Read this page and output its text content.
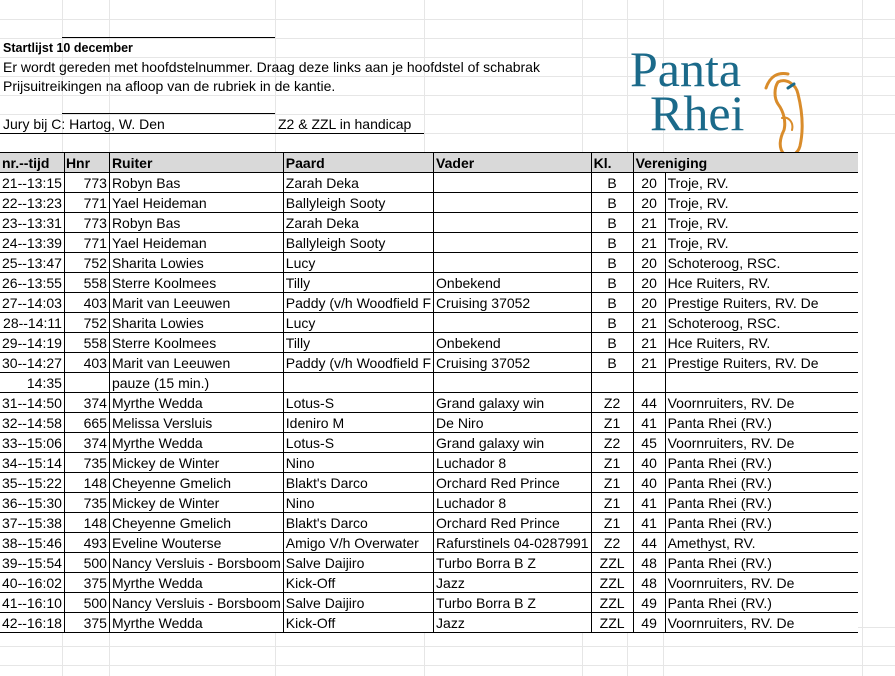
Startlijst 10 december
Er wordt gereden met hoofdstelnummer. Draag deze links aan je hoofdstel of schabrak
Prijsuitreikingen na afloop van de rubriek in de kantie.
Jury bij C: Hartog, W. Den	Z2 & ZZL in handicap
Panta
Rhei
nr.--tijd	Hnr	Ruiter	Paard	Vader	Kl.	Vereniging	
21--13:15	773	Robyn Bas	Zarah Deka		B	20	Troje, RV.
22--13:23	771	Yael Heideman	Ballyleigh Sooty		B	20	Troje, RV.
23--13:31	773	Robyn Bas	Zarah Deka		B	21	Troje, RV.
24--13:39	771	Yael Heideman	Ballyleigh Sooty		B	21	Troje, RV.
25--13:47	752	Sharita Lowies	Lucy		B	20	Schoteroog, RSC.
26--13:55	558	Sterre Koolmees	Tilly	Onbekend	B	20	Hce Ruiters, RV.
27--14:03	403	Marit van Leeuwen	Paddy (v/h Woodfield F	Cruising 37052	B	20	Prestige Ruiters, RV. De
28--14:11	752	Sharita Lowies	Lucy		B	21	Schoteroog, RSC.
29--14:19	558	Sterre Koolmees	Tilly	Onbekend	B	21	Hce Ruiters, RV.
30--14:27	403	Marit van Leeuwen	Paddy (v/h Woodfield F	Cruising 37052	B	21	Prestige Ruiters, RV. De
14:35		pauze (15 min.)					
31--14:50	374	Myrthe Wedda	Lotus-S	Grand galaxy win	Z2	44	Voornruiters, RV. De
32--14:58	665	Melissa Versluis	Ideniro M	De Niro	Z1	41	Panta Rhei (RV.)
33--15:06	374	Myrthe Wedda	Lotus-S	Grand galaxy win	Z2	45	Voornruiters, RV. De
34--15:14	735	Mickey de Winter	Nino	Luchador 8	Z1	40	Panta Rhei (RV.)
35--15:22	148	Cheyenne Gmelich	Blakt's Darco	Orchard Red Prince	Z1	40	Panta Rhei (RV.)
36--15:30	735	Mickey de Winter	Nino	Luchador 8	Z1	41	Panta Rhei (RV.)
37--15:38	148	Cheyenne Gmelich	Blakt's Darco	Orchard Red Prince	Z1	41	Panta Rhei (RV.)
38--15:46	493	Eveline Wouterse	Amigo V/h Overwater	Rafurstinels 04-0287991	Z2	44	Amethyst, RV.
39--15:54	500	Nancy Versluis - Borsboom	Salve Daijiro	Turbo Borra B Z	ZZL	48	Panta Rhei (RV.)
40--16:02	375	Myrthe Wedda	Kick-Off	Jazz	ZZL	48	Voornruiters, RV. De
41--16:10	500	Nancy Versluis - Borsboom	Salve Daijiro	Turbo Borra B Z	ZZL	49	Panta Rhei (RV.)
42--16:18	375	Myrthe Wedda	Kick-Off	Jazz	ZZL	49	Voornruiters, RV. De
